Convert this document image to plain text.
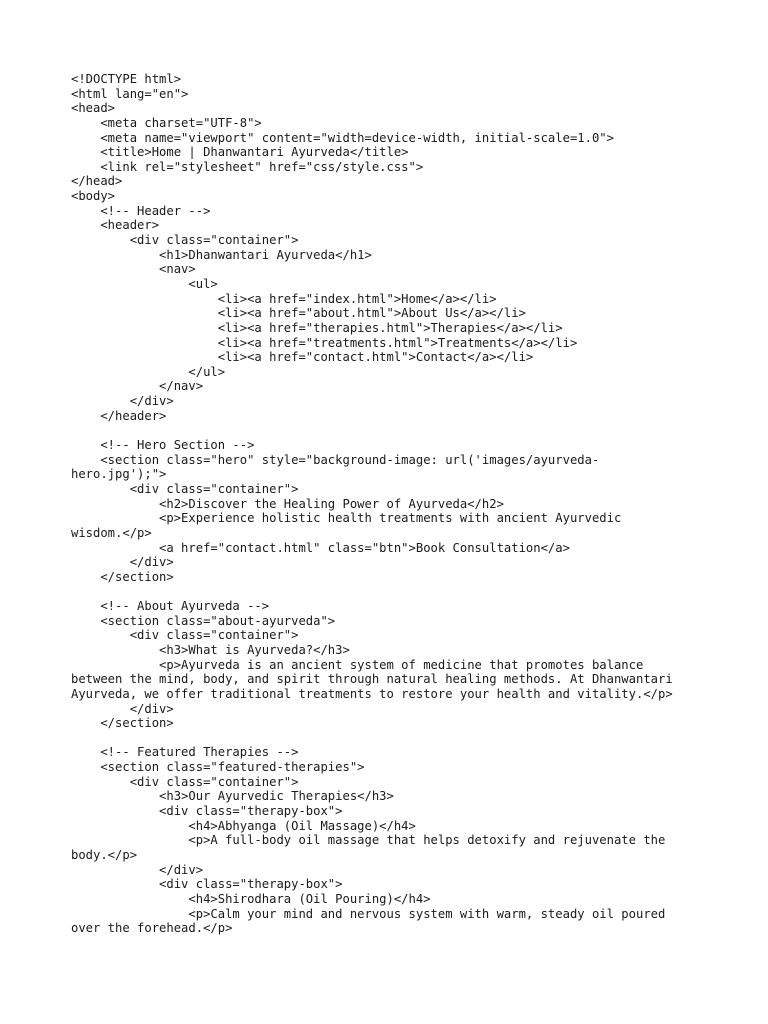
<!DOCTYPE html>
<html lang="en">
<head>
<meta charset="UTF-8">
<meta name="viewport" content="width=device-width, initial-scale=1.0">
<title>Home | Dhanwantari Ayurveda</title>
<link rel="stylesheet" href="css/style.css">
</head>
<body>
<!-- Header -->
<header>
<div class="container">
<h1>Dhanwantari Ayurveda</h1>
<nav>
<ul>
<li><a href="index.html">Home</a></li>
<li><a href="about.html">About Us</a></li>
<li><a href="therapies.html">Therapies</a></li>
<li><a href="treatments.html">Treatments</a></li>
<li><a href="contact.html">Contact</a></li>
</ul>
</nav>
</div>
</header>
<!-- Hero Section -->
<section class="hero" style="background-image: url('images/ayurveda-
hero.jpg');">
<div class="container">
<h2>Discover the Healing Power of Ayurveda</h2>
<p>Experience holistic health treatments with ancient Ayurvedic
wisdom.</p>
<a href="contact.html" class="btn">Book Consultation</a>
</div>
</section>
<!-- About Ayurveda -->
<section class="about-ayurveda">
<div class="container">
<h3>What is Ayurveda?</h3>
<p>Ayurveda is an ancient system of medicine that promotes balance
between the mind, body, and spirit through natural healing methods. At Dhanwantari
Ayurveda, we offer traditional treatments to restore your health and vitality.</p>
</div>
</section>
<!-- Featured Therapies -->
<section class="featured-therapies">
<div class="container">
<h3>Our Ayurvedic Therapies</h3>
<div class="therapy-box">
<h4>Abhyanga (Oil Massage)</h4>
<p>A full-body oil massage that helps detoxify and rejuvenate the
body.</p>
</div>
<div class="therapy-box">
<h4>Shirodhara (Oil Pouring)</h4>
<p>Calm your mind and nervous system with warm, steady oil poured
over the forehead.</p>
